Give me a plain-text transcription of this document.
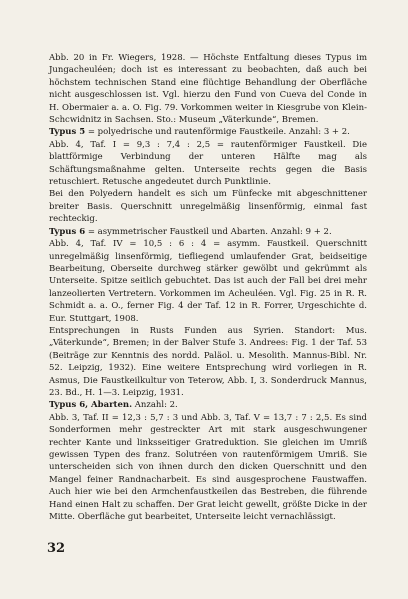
Abb. 20 in Fr. Wiegers, 1928. — Höchste Entfaltung dieses Typus im Jungacheuléen; doch ist es interessant zu beobachten, daß auch bei höchstem technischen Stand eine flüchtige Behandlung der Oberfläche nicht ausgeschlossen ist. Vgl. hierzu den Fund von Cueva del Conde in H. Obermaier a. a. O. Fig. 79. Vorkommen weiter in Kiesgrube von Klein-Schcwidnitz in Sachsen. Sto.: Museum „Väterkunde“, Bremen.

Typus 5 = polyedrische und rautenförmige Faustkeile. Anzahl: 3 + 2.
Abb. 4, Taf. I = 9,3 : 7,4 : 2,5 = rautenförmiger Faustkeil. Die blattförmige Verbindung der unteren Hälfte mag als Schäftungsmaßnahme gelten. Unterseite rechts gegen die Basis retuschiert. Retusche angedeutet durch Punktlinie.

Bei den Polyedern handelt es sich um Fünfecke mit abgeschnittener breiter Basis. Querschnitt unregelmäßig linsenförmig, einmal fast rechteckig.

Typus 6 = asymmetrischer Faustkeil und Abarten. Anzahl: 9 + 2.
Abb. 4, Taf. IV = 10,5 : 6 : 4 = asymm. Faustkeil. Querschnitt unregelmäßig linsenförmig, tiefliegend umlaufender Grat, beidseitige Bearbeitung, Oberseite durchweg stärker gewölbt und gekrümmt als Unterseite. Spitze seitlich gebuchtet. Das ist auch der Fall bei drei mehr lanzeolierten Vertretern. Vorkommen im Acheuléen. Vgl. Fig. 25 in R. R. Schmidt a. a. O., ferner Fig. 4 der Taf. 12 in R. Forrer, Urgeschichte d. Eur. Stuttgart, 1908.

Entsprechungen in Rusts Funden aus Syrien. Standort: Mus. „Väterkunde“, Bremen; in der Balver Stufe 3. Andrees: Fig. 1 der Taf. 53 (Beiträge zur Kenntnis des nordd. Paläol. u. Mesolith. Mannus-Bibl. Nr. 52. Leipzig, 1932). Eine weitere Entsprechung wird vorliegen in R. Asmus, Die Faustkeilkultur von Teterow, Abb. I, 3. Sonderdruck Mannus, 23. Bd., H. 1—3. Leipzig, 1931.

Typus 6, Abarten. Anzahl: 2.
Abb. 3, Taf. II = 12,3 : 5,7 : 3 und Abb. 3, Taf. V = 13,7 : 7 : 2,5. Es sind Sonderformen mehr gestreckter Art mit stark ausgeschwungener rechter Kante und linksseitiger Gratreduktion. Sie gleichen im Umriß gewissen Typen des franz. Solutréen von rautenförmigem Umriß. Sie unterscheiden sich von ihnen durch den dicken Querschnitt und den Mangel feiner Randnacharbeit. Es sind ausgesprochene Faustwaffen. Auch hier wie bei den Armchenfaustkeilen das Bestreben, die führende Hand einen Halt zu schaffen. Der Grat leicht gewellt, größte Dicke in der Mitte. Oberfläche gut bearbeitet, Unterseite leicht vernachlässigt.

32
